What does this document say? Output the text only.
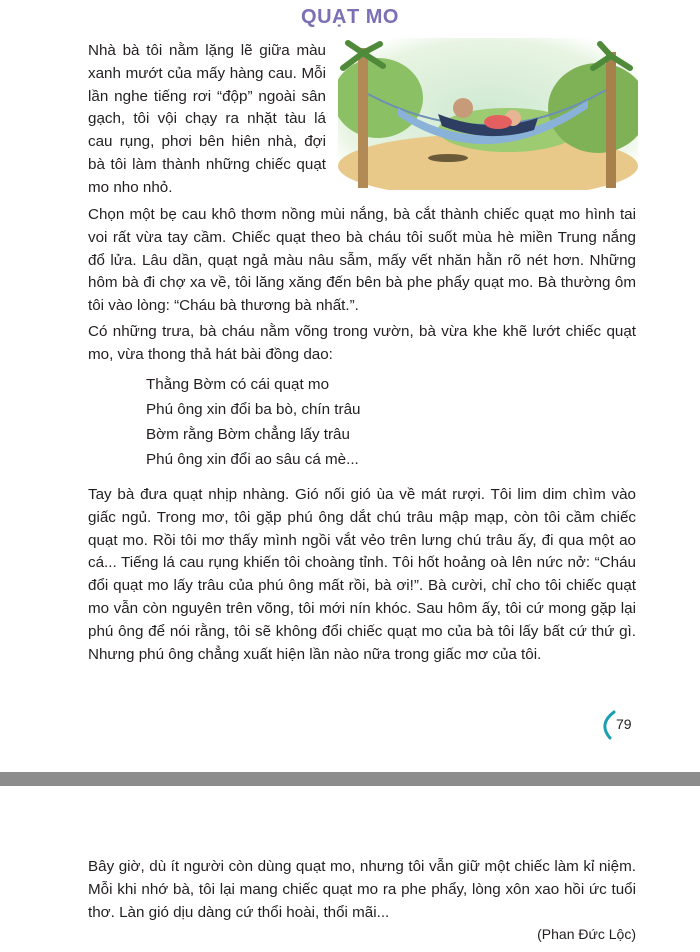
QUẠT MO

Nhà bà tôi nằm lặng lẽ giữa màu xanh mướt của mấy hàng cau. Mỗi lần nghe tiếng rơi “độp” ngoài sân gạch, tôi vội chạy ra nhặt tàu lá cau rụng, phơi bên hiên nhà, đợi bà tôi làm thành những chiếc quạt mo nho nhỏ.

Chọn một bẹ cau khô thơm nồng mùi nắng, bà cắt thành chiếc quạt mo hình tai voi rất vừa tay cầm. Chiếc quạt theo bà cháu tôi suốt mùa hè miền Trung nắng đổ lửa. Lâu dần, quạt ngả màu nâu sẫm, mấy vết nhăn hằn rõ nét hơn. Những hôm bà đi chợ xa về, tôi lăng xăng đến bên bà phe phẩy quạt mo. Bà thường ôm tôi vào lòng: “Cháu bà thương bà nhất.”.

Có những trưa, bà cháu nằm võng trong vườn, bà vừa khe khẽ lướt chiếc quạt mo, vừa thong thả hát bài đồng dao:

Thằng Bờm có cái quạt mo
Phú ông xin đổi ba bò, chín trâu
Bờm rằng Bờm chẳng lấy trâu
Phú ông xin đổi ao sâu cá mè...

Tay bà đưa quạt nhịp nhàng. Gió nối gió ùa về mát rượi. Tôi lim dim chìm vào giấc ngủ. Trong mơ, tôi gặp phú ông dắt chú trâu mập mạp, còn tôi cầm chiếc quạt mo. Rồi tôi mơ thấy mình ngồi vắt vẻo trên lưng chú trâu ấy, đi qua một ao cá... Tiếng lá cau rụng khiến tôi choàng tỉnh. Tôi hốt hoảng oà lên nức nở: “Cháu đổi quạt mo lấy trâu của phú ông mất rồi, bà ơi!”. Bà cười, chỉ cho tôi chiếc quạt mo vẫn còn nguyên trên võng, tôi mới nín khóc. Sau hôm ấy, tôi cứ mong gặp lại phú ông để nói rằng, tôi sẽ không đổi chiếc quạt mo của bà tôi lấy bất cứ thứ gì. Nhưng phú ông chẳng xuất hiện lần nào nữa trong giấc mơ của tôi.

79

Bây giờ, dù ít người còn dùng quạt mo, nhưng tôi vẫn giữ một chiếc làm kỉ niệm. Mỗi khi nhớ bà, tôi lại mang chiếc quạt mo ra phe phẩy, lòng xôn xao hồi ức tuổi thơ. Làn gió dịu dàng cứ thổi hoài, thổi mãi...

(Phan Đức Lộc)
